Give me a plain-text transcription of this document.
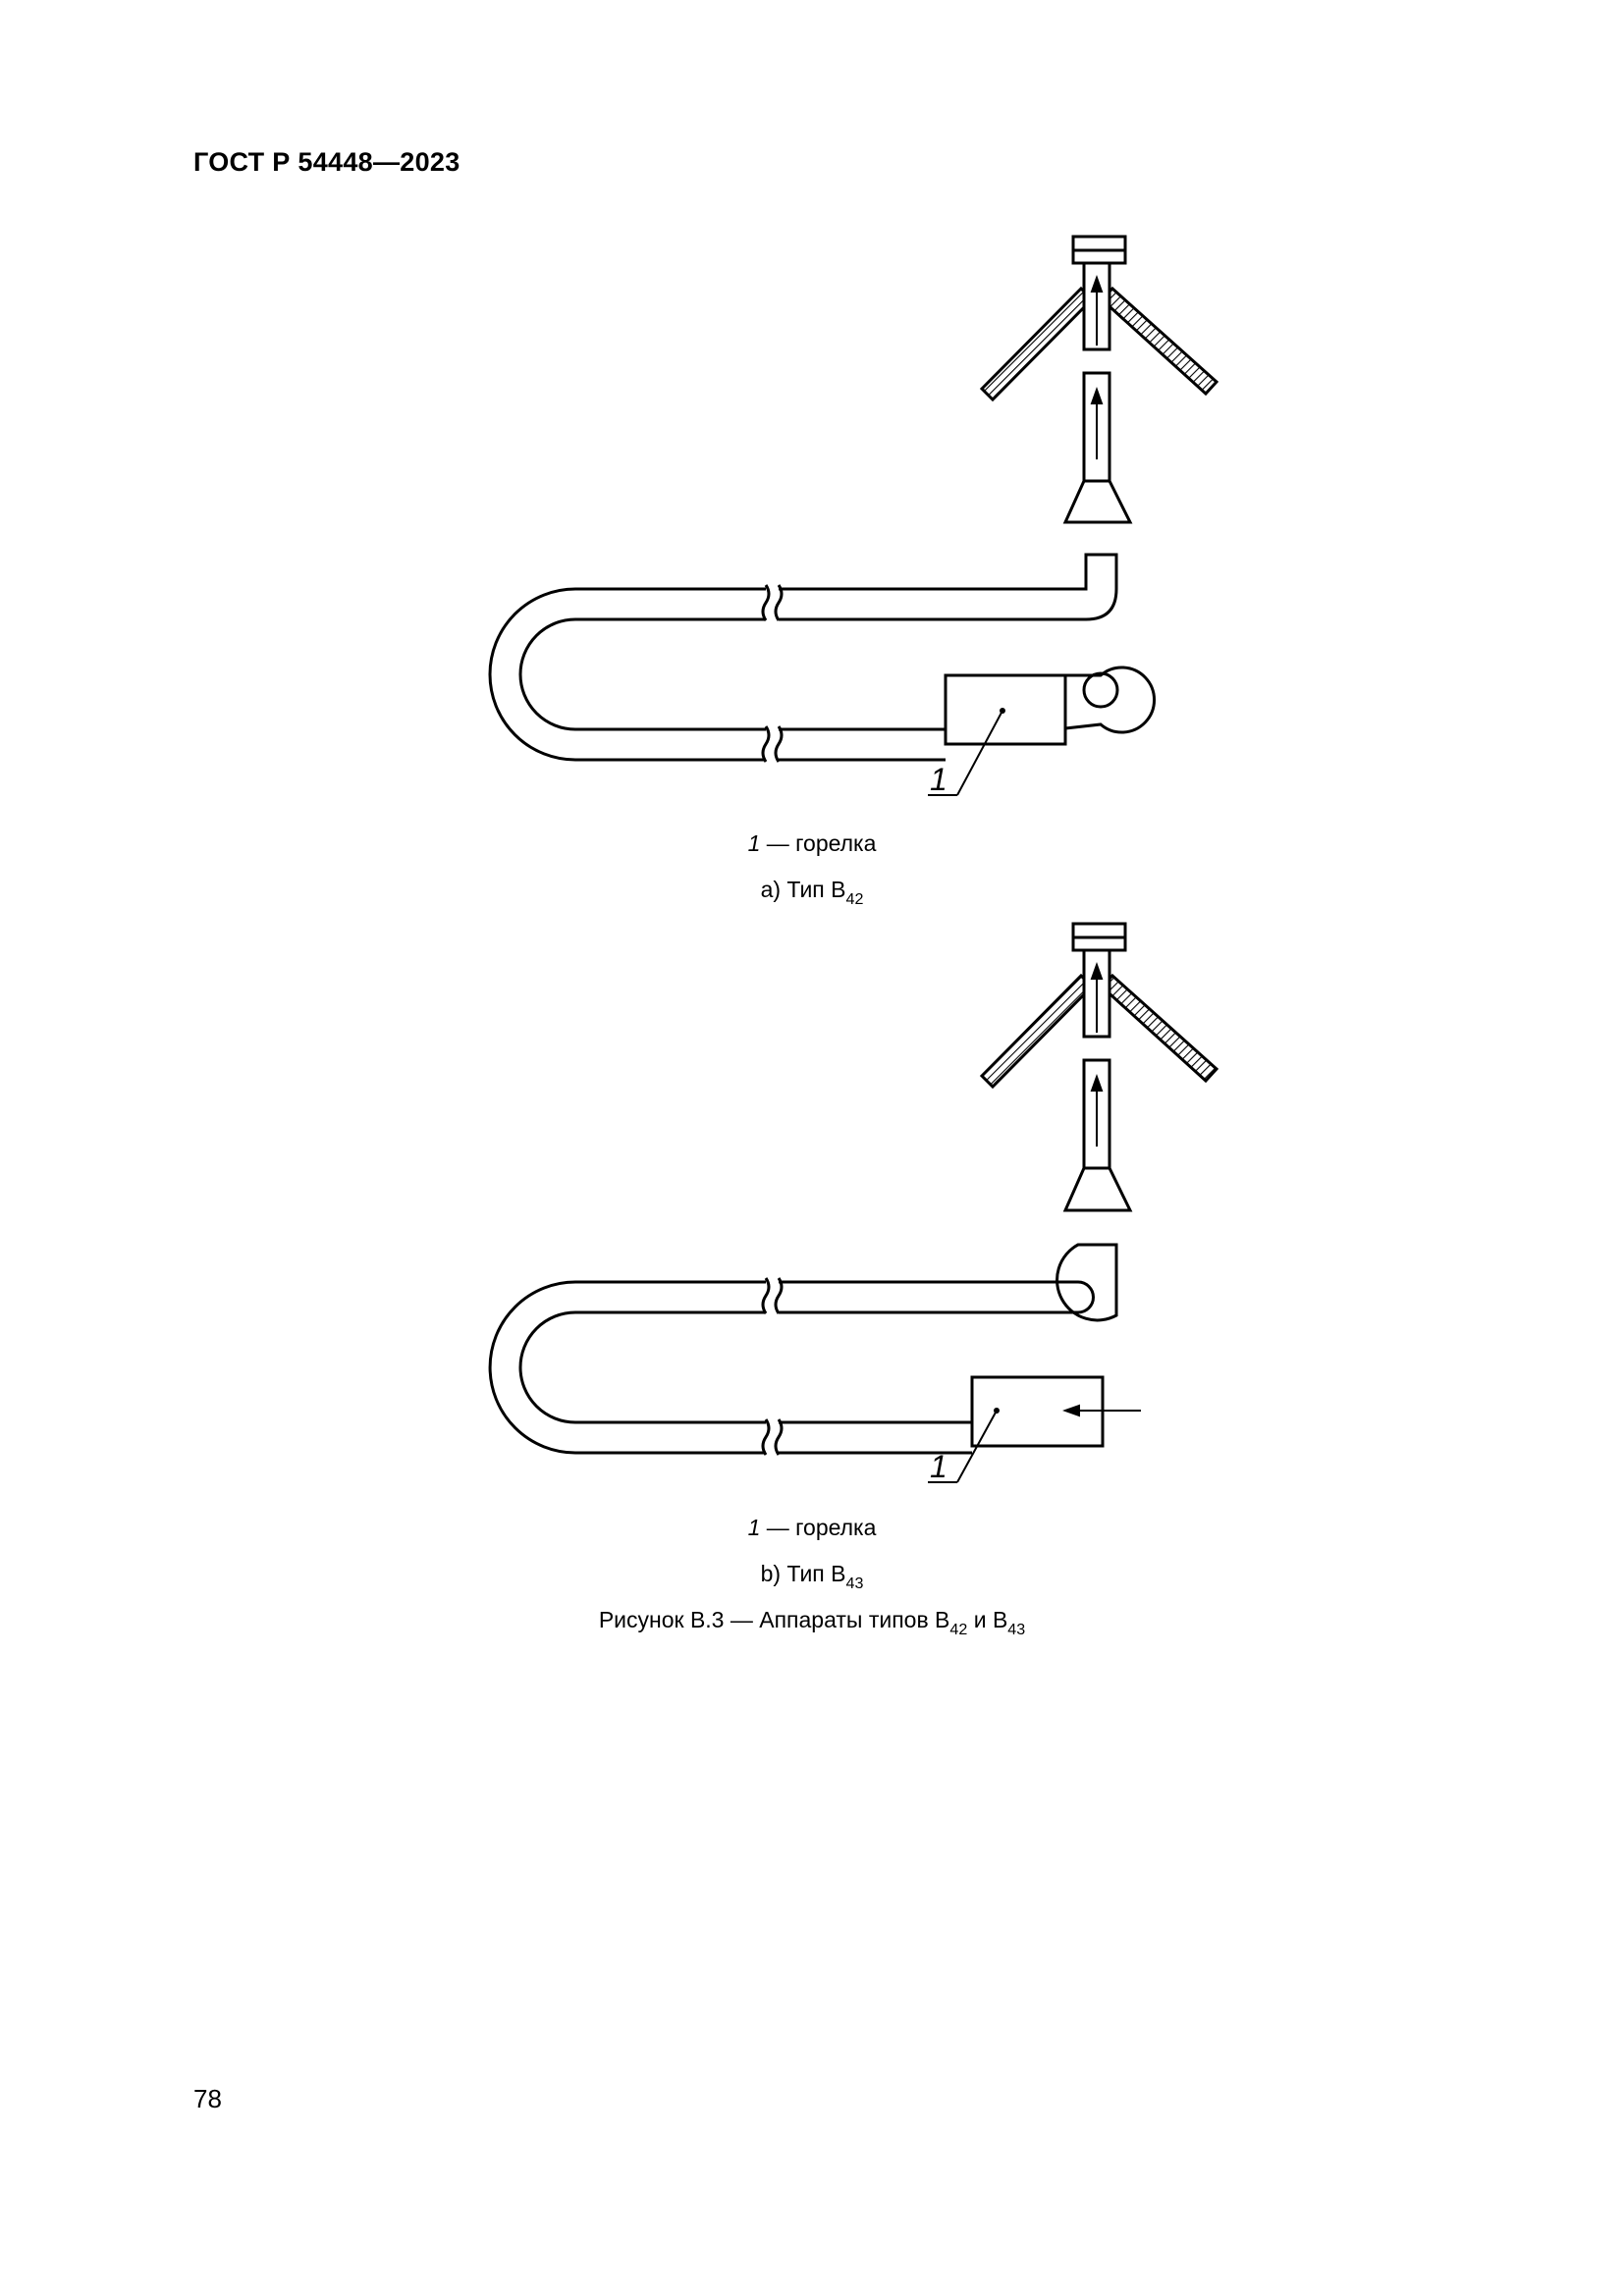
ГОСТ Р 54448—2023
1
1 — горелка
а) Тип $В_{42}$
1
1 — горелка
b) Тип $В_{43}$
Рисунок В.3 — Аппараты типов $В_{42}$ и $В_{43}$
78
